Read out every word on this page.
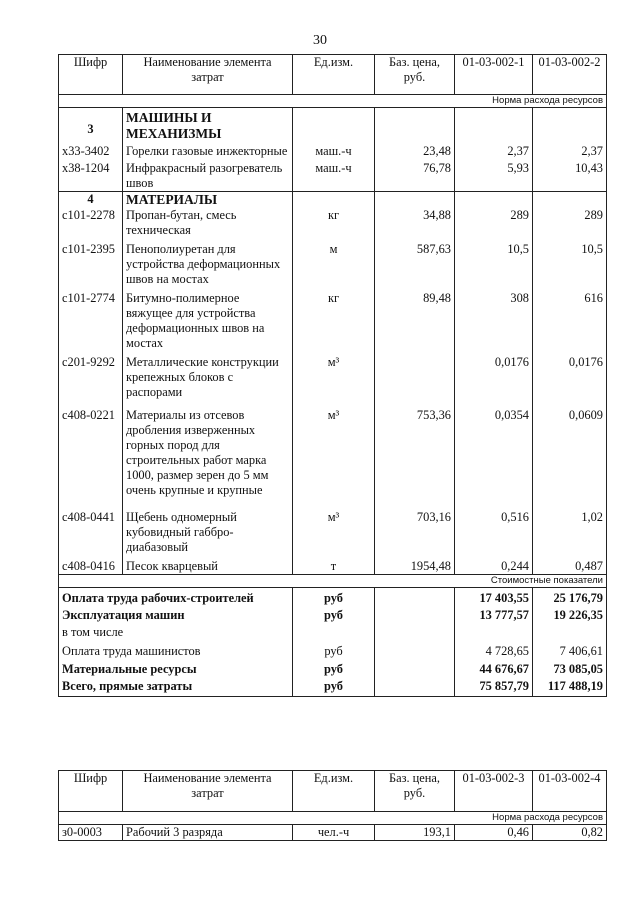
30
Шифр	Наименование элемента затрат	Ед.изм.	Баз. цена, руб.	01-03-002-1	01-03-002-2
Норма расхода ресурсов					
3	МАШИНЫ И МЕХАНИЗМЫ				
х33-3402	Горелки газовые инжекторные	маш.-ч	23,48	2,37	2,37
х38-1204	Инфракрасный разогреватель швов	маш.-ч	76,78	5,93	10,43
4	МАТЕРИАЛЫ				
с101-2278	Пропан-бутан, смесь техническая	кг	34,88	289	289
с101-2395	Пенополиуретан для устройства деформационных швов на мостах	м	587,63	10,5	10,5
с101-2774	Битумно-полимерное вяжущее для устройства деформационных швов на мостах	кг	89,48	308	616
с201-9292	Металлические конструкции крепежных блоков с распорами	м³		0,0176	0,0176
с408-0221	Материалы из отсевов дробления изверженных горных пород для строительных работ марка 1000, размер зерен до 5 мм очень крупные и крупные	м³	753,36	0,0354	0,0609
с408-0441	Щебень одномерный кубовидный габбро-диабазовый	м³	703,16	0,516	1,02
с408-0416	Песок кварцевый	т	1954,48	0,244	0,487
Стоимостные показатели					
Оплата труда рабочих-строителей		руб		17 403,55	25 176,79
Эксплуатация машин		руб		13 777,57	19 226,35
в том числе					
Оплата труда машинистов		руб		4 728,65	7 406,61
Материальные ресурсы		руб		44 676,67	73 085,05
Всего, прямые затраты		руб		75 857,79	117 488,19
Шифр	Наименование элемента затрат	Ед.изм.	Баз. цена, руб.	01-03-002-3	01-03-002-4
Норма расхода ресурсов					
з0-0003	Рабочий 3 разряда	чел.-ч	193,1	0,46	0,82
